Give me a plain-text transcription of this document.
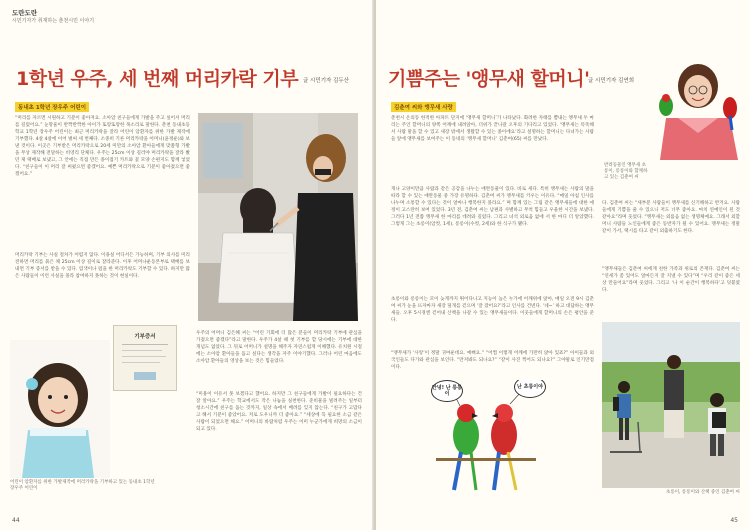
도란도란
시민기자가 취재하는 춘천시민 이야기
1학년 우주, 세 번째 머리카락 기부 글 시민기자 김두산
동내초 1학년 장우주 어린이
“머리를 자르면 시원하고 기분이 좋아져요. 소아암 친구들에게 가발을 주고 싶어서 머리를 길렀어요.” 눈망울이 반짝반짝한 아이가 또랑또랑한 목소리로 말한다. 춘천 동내초등학교 1학년 장우주 어린이는 최근 머리카락을 잘라 어린이 암환자를 위한 가발 제작에 기부했다. 4살 4살에 이어 벌써 세 번째다. 소중히 기른 머리카락을 어머니(윤정운)와 보낸 것이다. 이곳은 기부받은 머리카락으로 20세 미만의 소아암 환아들에게 맞춤형 가발을 무상 제작해 전달하는 비영리 단체다. 우주는 25cm 이상 길러야 머리카락을 잘라 봤던 제 택배로 보냈고, 그 안에는 직접 만든 종이접기 카트와 꽃 모양 손편지도 함께 넣었다. “친구들이 이 머리 잘 써줬으면 좋겠어요. 예쁜 머리카락으로 기분이 좋아졌으면 좋겠어요.”
머리카락 기부는 사실 절차가 어렵지 않다. 이용실 어디서든 가능하며, 기부 의사를 미리 전하면 머리를 묶은 채 25cm 이상 길이로 잘라준다. 이후 어머나운동본부로 택배를 보내면 기부 증서를 받을 수 있다. 염색이나 펌을 한 머리카락도 기부할 수 있다. 하지만 많은 사람들이 이런 사실을 몰라 참여하지 못하는 것이 현실이다.
기부증서
우주의 어머니 김은혜 씨는 “어린 기회에 더 많은 분들이 머리카락 기부에 관심을 가졌으면 좋겠다”라고 말한다. 우주가 4살 때 첫 기부를 할 당시에는 기부에 대한 개념도 없었다. 그 뒤로 어머니가 설명을 해주자 자연스럽게 이해했다. 유치원 시절에는 소아암 환아들을 돕고 싶다는 생각을 자주 이야기했다. 그러나 어린 마음에도 소아암 환아들의 영상을 보는 것은 힘들었다.
“미용이 이유서 못 보겠다고 했어요. 하지만 그 친구들에게 가발이 필요하다는 건 잘 알아요.” 우주는 학교에서도 작은 나눔을 실천한다. 준비물을 빌려주는 일부터 청소시간에 친구를 돕는 것까지, 일상 속에서 배려를 잊지 않는다. “친구가 고맙다고 해서 기분이 좋았어요. 저로 도우니까 더 좋아요.” “세상에 꼭 필요한 소금 같은 사람이 되었으면 해요.” 어머니의 바람처럼 우주는 이미 누군가에게 희망의 소금이 되고 있다.
어린이 암환자를 위한 가발제작에 머리카락을 기부하고 있는 동내초 1학년 장우주 어린이
44
기쁨주는 '앵무새 할머니'
글 시민기자 김연희
반려동물인 앵무새 초롱이, 롱롱이와 함께하고 있는 김춘여 씨
김춘여 씨와 앵무새 사랑
춘천시 온의동 한적한 아파트 단지에 ‘앵무새 할머니’가 나타났다. 화려한 자태를 뽐내는 앵무새 두 마리는 주인 할머니의 양쪽 어깨에 내려앉아, 더위가 끝나갈 오후의 기다리고 있었다. ‘앵무새는 똑똑해서 사람 말을 할 수 있고 새장 밖에서 생활할 수 있는 종이에요’라고 설명하는 할머니는 다녀가는 사람들 앞에 앵무새를 보여주는 이 동네의 ‘앵무새 할머니’ 김춘여(65) 씨를 만났다.
개나 고양이만큼 사람과 같은 공감을 나누는 애완동물이 있다. 바로 새다. 특히 앵무새는 사람의 말을 따라 할 수 있는 애완동물 중 가장 유명하다. 김춘여 씨가 앵무새를 키우는 이유다. “매일 아침 인사를 나누며 소통할 수 있다는 것이 얼마나 행복한지 몰라요.” 며 함께 있는 그림 같은 앵무새들에 대한 애정이 고스란히 보여 있었다. 3년 전, 김춘여 씨는 남편과 사별하고 무척 힘들고 우울한 시간을 보냈다. 그러다 1년 전쯤 앵무새 한 마리를 데려와 길렀다. 그리고 녀석 외로움 없애 서 한 마디 더 알았했다. 그렇게 그는 초롱이(암컷, 1세), 롱롱이(수컷, 2세)와 한 식구가 됐다.
초롱이와 롱롱이는 모이 늦게까지 뛰어다니고 지능이 높은 누가에 어깨위에 앉아, 매일 오전 9시 김춘여 씨가 눈을 뜨자마자 새장 덮개를 걷으며 ‘잘 잤어요?’라고 인사를 건넨다. ‘네~’ 하고 대답하는 앵무새들. 오후 5시경엔 걷어내 산책을 나갈 수 있는 앵무새들이다. 이웃들에게 할머니의 손은 평안을 준다.
“앵무새가 ‘사랑’이 정말 귀여운데요. 예뻐요.” “어쩜 이렇게 어깨에 가만히 앉아 있죠?” 아이들과 외국인들도 다가와 관심을 보인다. “만져봐도 되나요?” “같이 사진 찍어도 되나요?” 그야말로 인기만점이다.
다. 김춘여 씨는 “새부분 사람들이 앵무새를 신기해하고 반겨요. 사람들에게 기쁨을 줄 수 있으니 저도 너무 좋아요. 마치 연예인이 된 것 같아요”라며 웃었다. “앵무새는 외롭음 없는 생명체예요. 그래서 외할머니 사람들 노인들에게 좋은 동반자가 될 수 있어요. 앵무새는 정말 같이 가서, 택시를 타고 같이 외출하기도 한다.
“앵무새들은 김춘여 씨에게 친한 가족과 위로의 존재다. 김춘여 씨는 “연세가 좀 있어도 얼마든지 잘 지낼 수 있다”며 “우리 같이 좋은 세상 만들어요”라며 웃었다. 그리고 ‘나 이 순간이 행복하다’고 덧붙였다.
안녕! 난 롱롱이
난 초롱이야
초롱이, 롱롱이와 산책 중인 김춘여 씨
45
